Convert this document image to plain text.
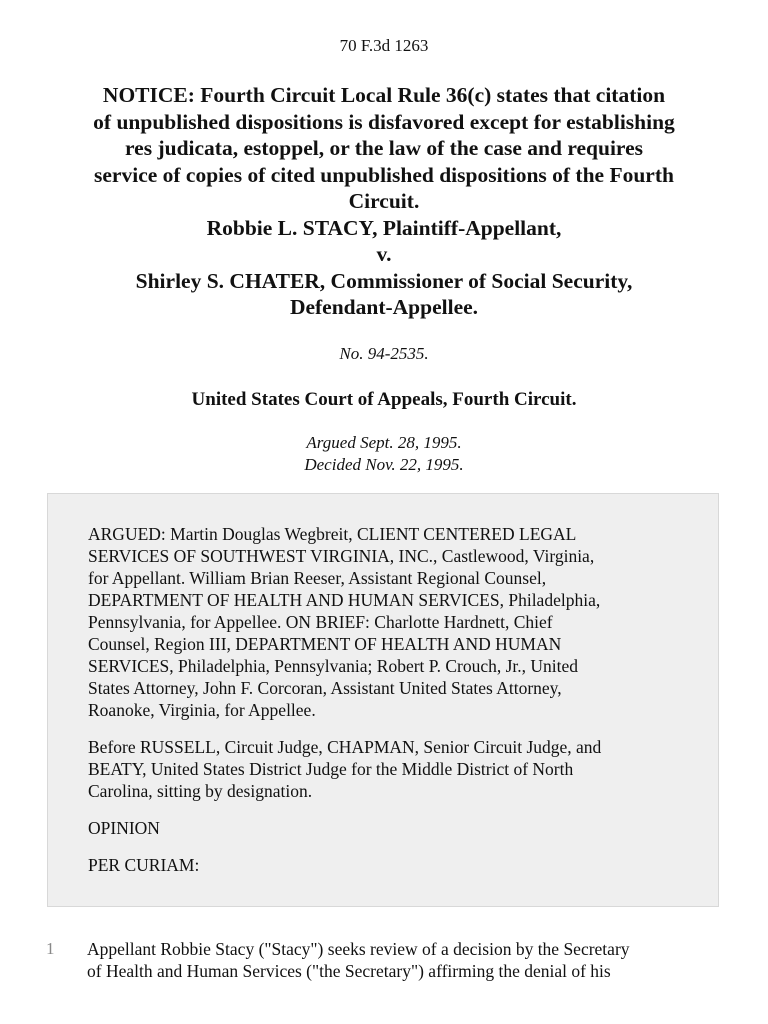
70 F.3d 1263
NOTICE: Fourth Circuit Local Rule 36(c) states that citation
of unpublished dispositions is disfavored except for establishing
res judicata, estoppel, or the law of the case and requires
service of copies of cited unpublished dispositions of the Fourth
Circuit.
Robbie L. STACY, Plaintiff-Appellant,
v.
Shirley S. CHATER, Commissioner of Social Security,
Defendant-Appellee.
No. 94-2535.
United States Court of Appeals, Fourth Circuit.
Argued Sept. 28, 1995.
Decided Nov. 22, 1995.

ARGUED: Martin Douglas Wegbreit, CLIENT CENTERED LEGAL
SERVICES OF SOUTHWEST VIRGINIA, INC., Castlewood, Virginia,
for Appellant. William Brian Reeser, Assistant Regional Counsel,
DEPARTMENT OF HEALTH AND HUMAN SERVICES, Philadelphia,
Pennsylvania, for Appellee. ON BRIEF: Charlotte Hardnett, Chief
Counsel, Region III, DEPARTMENT OF HEALTH AND HUMAN
SERVICES, Philadelphia, Pennsylvania; Robert P. Crouch, Jr., United
States Attorney, John F. Corcoran, Assistant United States Attorney,
Roanoke, Virginia, for Appellee.

Before RUSSELL, Circuit Judge, CHAPMAN, Senior Circuit Judge, and
BEATY, United States District Judge for the Middle District of North
Carolina, sitting by designation.

OPINION

PER CURIAM:

1 Appellant Robbie Stacy ("Stacy") seeks review of a decision by the Secretary
of Health and Human Services ("the Secretary") affirming the denial of his
